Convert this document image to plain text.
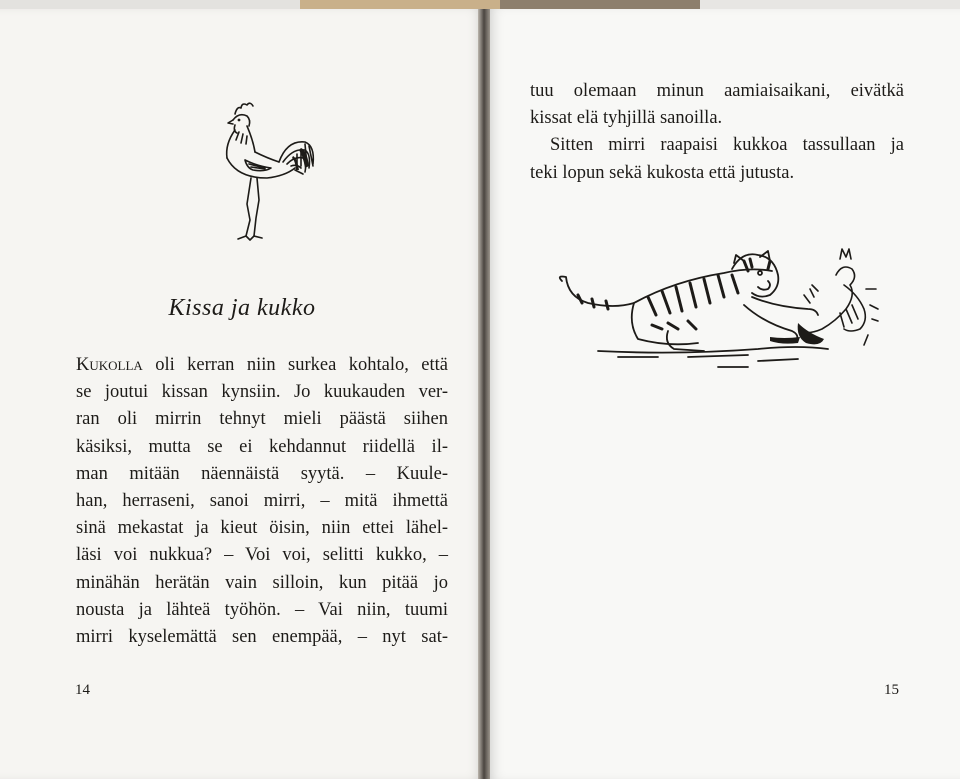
Kissa ja kukko
Kukolla oli kerran niin surkea kohtalo, että
se joutui kissan kynsiin. Jo kuukauden ver-
ran oli mirrin tehnyt mieli päästä siihen
käsiksi, mutta se ei kehdannut riidellä il-
man mitään näennäistä syytä. – Kuule-
han, herraseni, sanoi mirri, – mitä ihmettä
sinä mekastat ja kieut öisin, niin ettei lähel-
läsi voi nukkua? – Voi voi, selitti kukko, –
minähän herätän vain silloin, kun pitää jo
nousta ja lähteä työhön. – Vai niin, tuumi
mirri kyselemättä sen enempää, – nyt sat-
14
tuu olemaan minun aamiaisaikani, eivätkä
kissat elä tyhjillä sanoilla.
Sitten mirri raapaisi kukkoa tassullaan ja
teki lopun sekä kukosta että jutusta.
15
